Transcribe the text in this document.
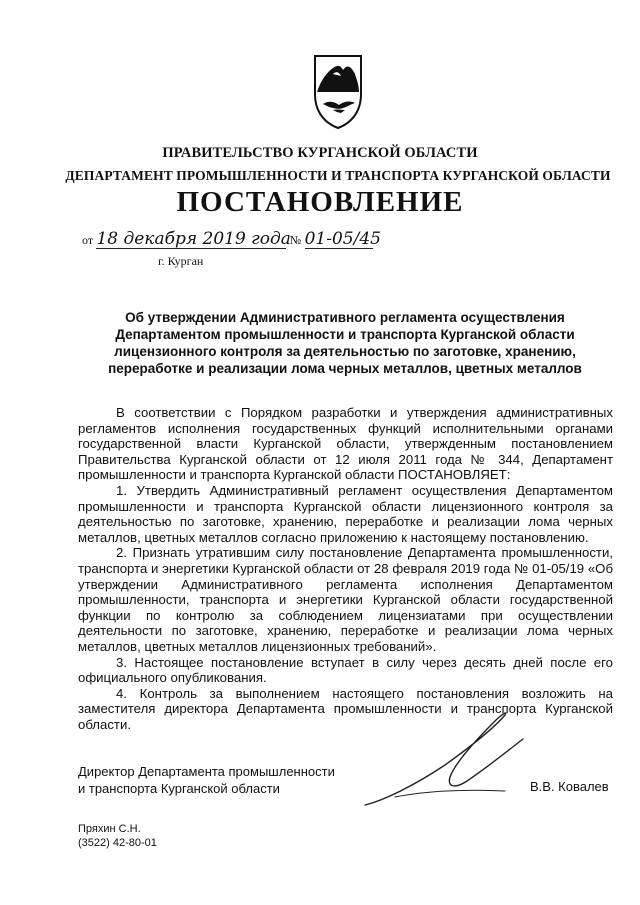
ПРАВИТЕЛЬСТВО КУРГАНСКОЙ ОБЛАСТИ
ДЕПАРТАМЕНТ ПРОМЫШЛЕННОСТИ И ТРАНСПОРТА КУРГАНСКОЙ ОБЛАСТИ
ПОСТАНОВЛЕНИЕ
от 18 декабря 2019 года № 01-05/45
г. Курган
Об утверждении Административного регламента осуществления Департаментом промышленности и транспорта Курганской области лицензионного контроля за деятельностью по заготовке, хранению, переработке и реализации лома черных металлов, цветных металлов

В соответствии с Порядком разработки и утверждения административных регламентов исполнения государственных функций исполнительными органами государственной власти Курганской области, утвержденным постановлением Правительства Курганской области от 12 июля 2011 года № 344, Департамент промышленности и транспорта Курганской области ПОСТАНОВЛЯЕТ:

1. Утвердить Административный регламент осуществления Департаментом промышленности и транспорта Курганской области лицензионного контроля за деятельностью по заготовке, хранению, переработке и реализации лома черных металлов, цветных металлов согласно приложению к настоящему постановлению.

2. Признать утратившим силу постановление Департамента промышленности, транспорта и энергетики Курганской области от 28 февраля 2019 года № 01-05/19 «Об утверждении Административного регламента исполнения Департаментом промышленности, транспорта и энергетики Курганской области государственной функции по контролю за соблюдением лицензиатами при осуществлении деятельности по заготовке, хранению, переработке и реализации лома черных металлов, цветных металлов лицензионных требований».

3. Настоящее постановление вступает в силу через десять дней после его официального опубликования.

4. Контроль за выполнением настоящего постановления возложить на заместителя директора Департамента промышленности и транспорта Курганской области.

Директор Департамента промышленности
и транспорта Курганской области	В.В. Ковалев
Пряхин С.Н.
(3522) 42-80-01
